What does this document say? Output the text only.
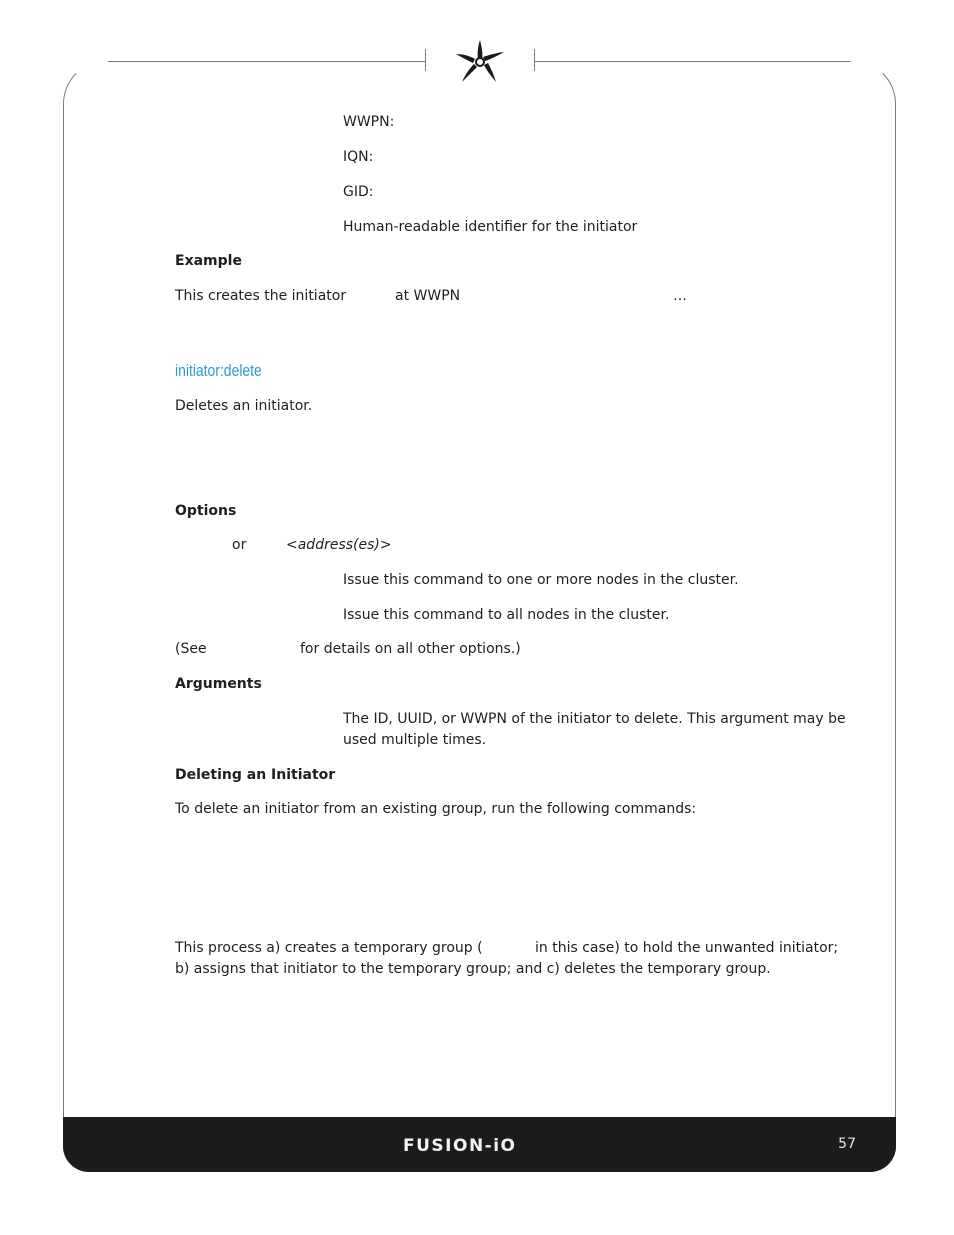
WWPN:
IQN:
GID:
Human-readable identifier for the initiator
Example
This creates the initiator	at WWPN	…
initiator:delete
Deletes an initiator.
Options
or	<address(es)>
Issue this command to one or more nodes in the cluster.
Issue this command to all nodes in the cluster.
(See	for details on all other options.)
Arguments
The ID, UUID, or WWPN of the initiator to delete. This argument may be
used multiple times.
Deleting an Initiator
To delete an initiator from an existing group, run the following commands:
This process a) creates a temporary group (	in this case) to hold the unwanted initiator;
b) assigns that initiator to the temporary group; and c) deletes the temporary group.
FUSION-iO	57
